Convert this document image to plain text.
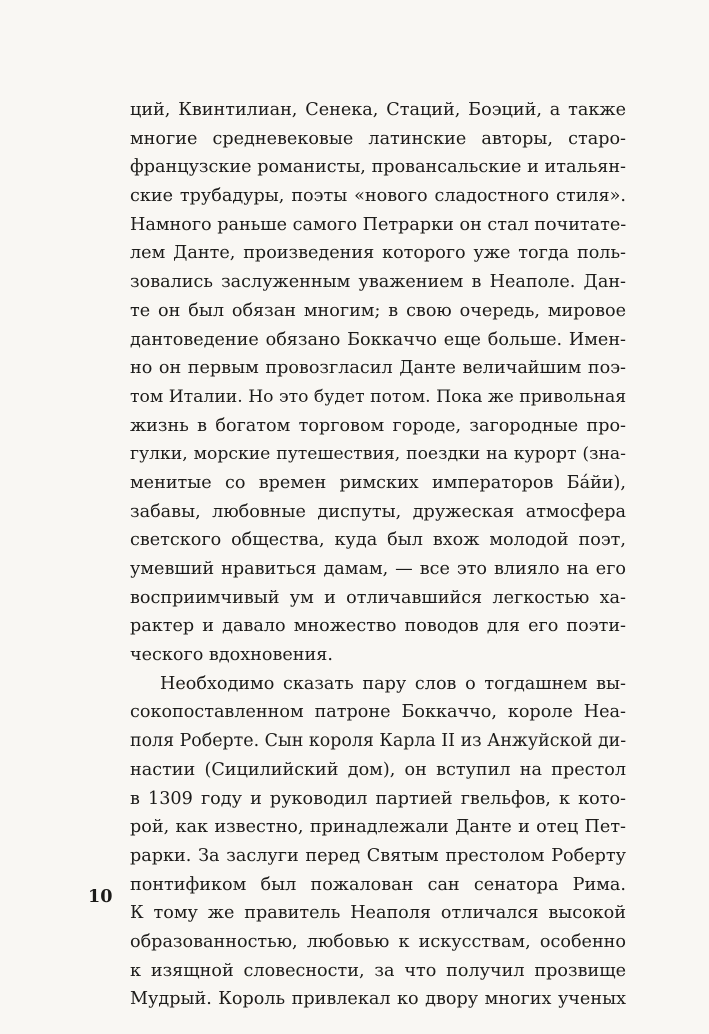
ций, Квинтилиан, Сенека, Стаций, Боэций, а также
многие средневековые латинские авторы, старо-
французские романисты, провансальские и итальян-
ские трубадуры, поэты «нового сладостного стиля».
Намного раньше самого Петрарки он стал почитате-
лем Данте, произведения которого уже тогда поль-
зовались заслуженным уважением в Неаполе. Дан-
те он был обязан многим; в свою очередь, мировое
дантоведение обязано Боккаччо еще больше. Имен-
но он первым провозгласил Данте величайшим поэ-
том Италии. Но это будет потом. Пока же привольная
жизнь в богатом торговом городе, загородные про-
гулки, морские путешествия, поездки на курорт (зна-
менитые со времен римских императоров Бáйи),
забавы, любовные диспуты, дружеская атмосфера
светского общества, куда был вхож молодой поэт,
умевший нравиться дамам, — все это влияло на его
восприимчивый ум и отличавшийся легкостью ха-
рактер и давало множество поводов для его поэти-
ческого вдохновения.
Необходимо сказать пару слов о тогдашнем вы-
сокопоставленном патроне Боккаччо, короле Неа-
поля Роберте. Сын короля Карла II из Анжуйской ди-
настии (Сицилийский дом), он вступил на престол
в 1309 году и руководил партией гвельфов, к кото-
рой, как известно, принадлежали Данте и отец Пет-
рарки. За заслуги перед Святым престолом Роберту
понтификом был пожалован сан сенатора Рима.
К тому же правитель Неаполя отличался высокой
образованностью, любовью к искусствам, особенно
к изящной словесности, за что получил прозвище
Мудрый. Король привлекал ко двору многих ученых
10
